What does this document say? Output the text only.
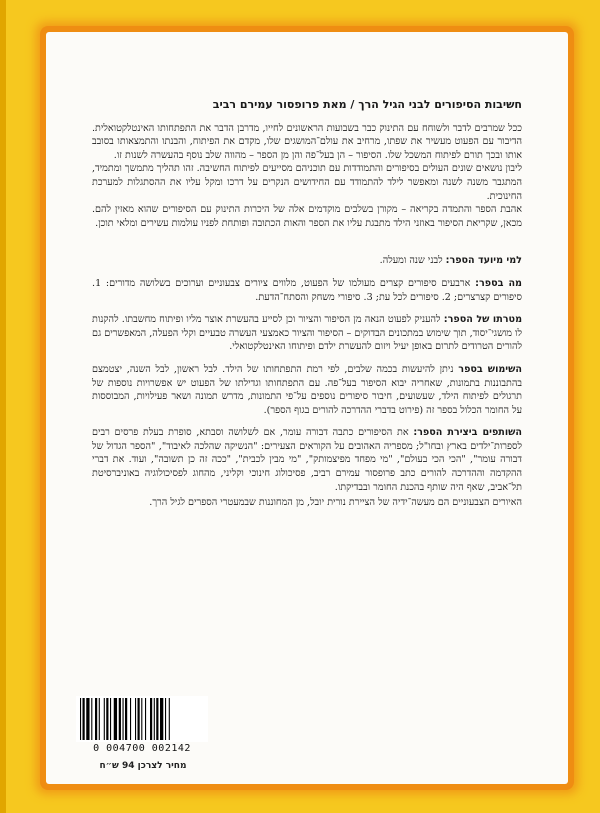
חשיבות הסיפורים לבני הגיל הרך / מאת פרופסור עמירם רביב

ככל שמרבים לדבר ולשוחח עם התינוק כבר בשבועות הראשונים לחייו, מדרבן הדבר את התפתחותו האינטלקטואלית. הדיבור עם הפעוט מעשיר את שפתו, מרחיב את עולם־המושגים שלו, מקדם את הפיתוח, והבנתו והתמצאותו בסובב אותו ובכך תורם לפיתוח המשכל שלו. הסיפור – הן בעל־פה והן מן הספר – מהווה שלב נוסף בהעשרה לשנות זו.

ליבון נושאים שונים העולים בסיפורים והתמודדות עם תוכניהם מסייעים לפיתוח החשיבה. זהו תהליך מתמשך ומתמיד, המתגבר משנה לשנה ומאפשר לילד להתמודד עם החידושים הנקרים על דרכו ומקל עליו את ההסתגלות למערכת החינוכית.

אהבת הספר והתמדה בקריאה – מקורן בשלבים מוקדמים אלה של היכרות התינוק עם הסיפורים שהוא מאזין להם. מכאן, שקריאת הסיפור באוזני הילד מתבגת עליו את הספר והאות הכתובה ופותחת לפניו עולמות עשירים ומלאי תוכן.

למי מיועד הספר: לבני שנה ומעלה.

מה בספר: ארבעים סיפורים קצרים מעולמו של הפעוט, מלווים ציורים צבעוניים וערוכים בשלושה מדורים: 1. סיפורים קצרצרים; 2. סיפורים לכל עת; 3. סיפורי משחק והסתח־הדעת.

מטרתו של הספר: להעניק לפעוט הנאה מן הסיפור והציור וכן לסייע בהעשרת אוצר מליו ופיתוח מחשבתו. להקנות לו מושגי־יסוד, תוך שימוש במתכונים הבדוקים – הסיפור והציור כאמצעי העשרה טבעיים וקלי הפעלה, המאפשרים גם להורים הטרודים לתרום באופן יעיל ויזום להעשרת ילדם ופיתוחו האינטלקטואלי.

השימוש בספר ניתן להיעשות בכמה שלבים, לפי רמת התפתחותו של הילד. לבל ראשון, לבל השנה, יצטמצם בהתבוננות בתמונות, שאחריה יבוא הסיפור בעל־פה. עם התפתחותו וגדילתו של הפעוט יש אפשרויות נוספות של תרגולים לפיתוח הילד, שעשועים, חיבור סיפורים נוספים על־פי התמונות, מדרש תמונה ושאר פעילויות, המבוססות על החומר הכלול בספר זה (פירוט בדברי ההדרכה להורים בגוף הספר).

השותפים ביצירת הספר: את הסיפורים כתבה דבורה עומר, אם לשלושה וסבתא, סופרת בעלת פרסים רבים לספרות־ילדים בארץ ובחו"ל; מספריה האהובים על הקוראים הצעירים: "הנשיקה שהלכה לאיבוד", "הספר הגדול של דבורה עומר", "הכי הכי בעולם", "מי מפחד מפיצמותק", "מי מבין לכבית", "ככה זה כן תשובה", ועוד. את דברי ההקדמה וההדרכה להורים כתב פרופסור עמירם רביב, פסיכולוג חינוכי וקליני, מהחוג לפסיכולוגיה באוניברסיטת תל־אביב, שאף היה שותף בהכנת החומר ובבדיקתו.

האיורים הצבעוניים הם מעשה־ידיה של הציירת נורית יובל, מן המחוננות שבמעטרי הספרים לגיל הרך.

0 004700 002142
מחיר לצרכן 94 ש״ח
